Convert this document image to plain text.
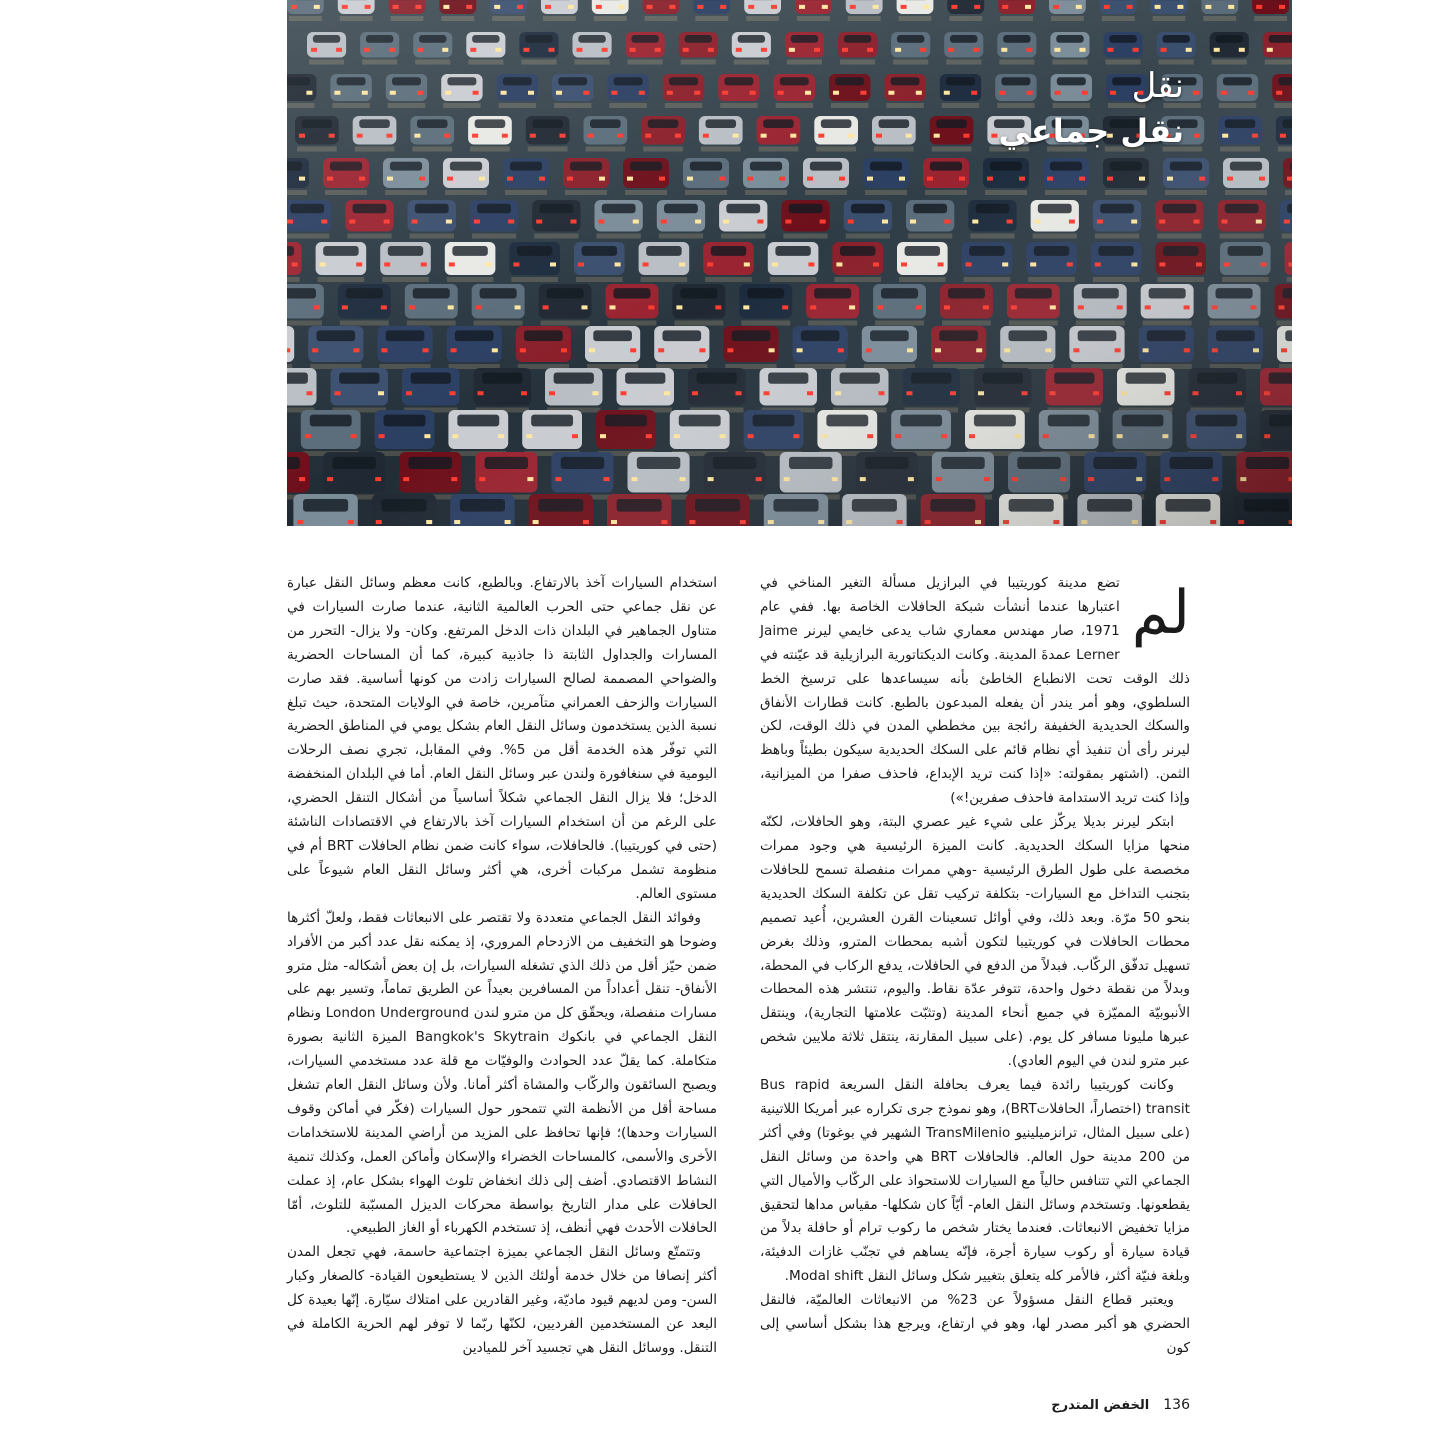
نقل
نقل جماعي
لم

تضع مدينة كوريتيبا في البرازيل مسألة التغير المناخي في اعتبارها عندما أنشأت شبكة الحافلات الخاصة بها. ففي عام 1971، صار مهندس معماري شاب يدعى خايمي ليرنر Jaime Lerner عمدةَ المدينة. وكانت الديكتاتورية البرازيلية قد عيّنته في ذلك الوقت تحت الانطباع الخاطئ بأنه سيساعدها على ترسيخ الخط السلطوي، وهو أمر يندر أن يفعله المبدعون بالطبع. كانت قطارات الأنفاق والسكك الحديدية الخفيفة رائجة بين مخططي المدن في ذلك الوقت، لكن ليرنر رأى أن تنفيذ أي نظام قائم على السكك الحديدية سيكون بطيئاً وباهظ الثمن. (اشتهر بمقولته: «إذا كنت تريد الإبداع، فاحذف صفرا من الميزانية، وإذا كنت تريد الاستدامة فاحذف صفرين!»)

ابتكر ليرنر بديلا يركّز على شيء غير عصري البتة، وهو الحافلات، لكنّه منحها مزايا السكك الحديدية. كانت الميزة الرئيسية هي وجود ممرات مخصصة على طول الطرق الرئيسية -وهي ممرات منفصلة تسمح للحافلات بتجنب التداخل مع السيارات- بتكلفة تركيب تقل عن تكلفة السكك الحديدية بنحو 50 مرّة. وبعد ذلك، وفي أوائل تسعينات القرن العشرين، أُعيد تصميم محطات الحافلات في كوريتيبا لتكون أشبه بمحطات المترو، وذلك بغرض تسهيل تدفّق الركّاب. فبدلاً من الدفع في الحافلات، يدفع الركاب في المحطة، وبدلاً من نقطة دخول واحدة، تتوفر عدّة نقاط. واليوم، تنتشر هذه المحطات الأنبوبيّة المميّزة في جميع أنحاء المدينة (وتثبّت علامتها التجارية)، وينتقل عبرها مليونا مسافر كل يوم. (على سبيل المقارنة، ينتقل ثلاثة ملايين شخص عبر مترو لندن في اليوم العادي).

وكانت كوريتيبا رائدة فيما يعرف بحافلة النقل السريعة Bus rapid transit (اختصاراً، الحافلاتBRT)، وهو نموذج جرى تكراره عبر أمريكا اللاتينية (على سبيل المثال، ترانزميلينيو TransMilenio الشهير في بوغوتا) وفي أكثر من 200 مدينة حول العالم. فالحافلات BRT هي واحدة من وسائل النقل الجماعي التي تتنافس حالياً مع السيارات للاستحواذ على الركّاب والأميال التي يقطعونها. وتستخدم وسائل النقل العام- أيّاً كان شكلها- مقياس مداها لتحقيق مزايا تخفيض الانبعاثات. فعندما يختار شخص ما ركوب ترام أو حافلة بدلاً من قيادة سيارة أو ركوب سيارة أجرة، فإنّه يساهم في تجنّب غازات الدفيئة، وبلغة فنيّة أكثر، فالأمر كله يتعلق بتغيير شكل وسائل النقل Modal shift.

ويعتبر قطاع النقل مسؤولاً عن 23% من الانبعاثات العالميّة، فالنقل الحضري هو أكبر مصدر لها، وهو في ارتفاع، ويرجع هذا بشكل أساسي إلى كون

استخدام السيارات آخذ بالارتفاع. وبالطبع، كانت معظم وسائل النقل عبارة عن نقل جماعي حتى الحرب العالمية الثانية، عندما صارت السيارات في متناول الجماهير في البلدان ذات الدخل المرتفع. وكان- ولا يزال- التحرر من المسارات والجداول الثابتة ذا جاذبية كبيرة، كما أن المساحات الحضرية والضواحي المصممة لصالح السيارات زادت من كونها أساسية. فقد صارت السيارات والزحف العمراني متآمرين، خاصة في الولايات المتحدة، حيث تبلغ نسبة الذين يستخدمون وسائل النقل العام بشكل يومي في المناطق الحضرية التي توفّر هذه الخدمة أقل من 5%. وفي المقابل، تجري نصف الرحلات اليومية في سنغافورة ولندن عبر وسائل النقل العام. أما في البلدان المنخفضة الدخل؛ فلا يزال النقل الجماعي شكلاً أساسياً من أشكال التنقل الحضري، على الرغم من أن استخدام السيارات آخذ بالارتفاع في الاقتصادات الناشئة (حتى في كوريتيبا). فالحافلات، سواء كانت ضمن نظام الحافلات BRT أم في منظومة تشمل مركبات أخرى، هي أكثر وسائل النقل العام شيوعاً على مستوى العالم.

وفوائد النقل الجماعي متعددة ولا تقتصر على الانبعاثات فقط، ولعلّ أكثرها وضوحا هو التخفيف من الازدحام المروري، إذ يمكنه نقل عدد أكبر من الأفراد ضمن حيّز أقل من ذلك الذي تشغله السيارات، بل إن بعض أشكاله- مثل مترو الأنفاق- تنقل أعداداً من المسافرين بعيداً عن الطريق تماماً، وتسير بهم على مسارات منفصلة، ويحقّق كل من مترو لندن London Underground ونظام النقل الجماعي في بانكوك Bangkok's Skytrain الميزة الثانية بصورة متكاملة. كما يقلّ عدد الحوادث والوفيّات مع قلة عدد مستخدمي السيارات، ويصبح السائقون والركّاب والمشاة أكثر أمانا. ولأن وسائل النقل العام تشغل مساحة أقل من الأنظمة التي تتمحور حول السيارات (فكّر في أماكن وقوف السيارات وحدها)؛ فإنها تحافظ على المزيد من أراضي المدينة للاستخدامات الأخرى والأسمى، كالمساحات الخضراء والإسكان وأماكن العمل، وكذلك تنمية النشاط الاقتصادي. أضف إلى ذلك انخفاض تلوث الهواء بشكل عام، إذ عملت الحافلات على مدار التاريخ بواسطة محركات الديزل المسبّبة للتلوث، أمّا الحافلات الأحدث فهي أنظف، إذ تستخدم الكهرباء أو الغاز الطبيعي.

وتتمتّع وسائل النقل الجماعي بميزة اجتماعية حاسمة، فهي تجعل المدن أكثر إنصافا من خلال خدمة أولئك الذين لا يستطيعون القيادة- كالصغار وكبار السن- ومن لديهم قيود ماديّة، وغير القادرين على امتلاك سيّارة. إنّها بعيدة كل البعد عن المستخدمين الفرديين، لكنّها ربّما لا توفر لهم الحرية الكاملة في التنقل. ووسائل النقل هي تجسيد آخر للميادين

136
الخفض المتدرج
